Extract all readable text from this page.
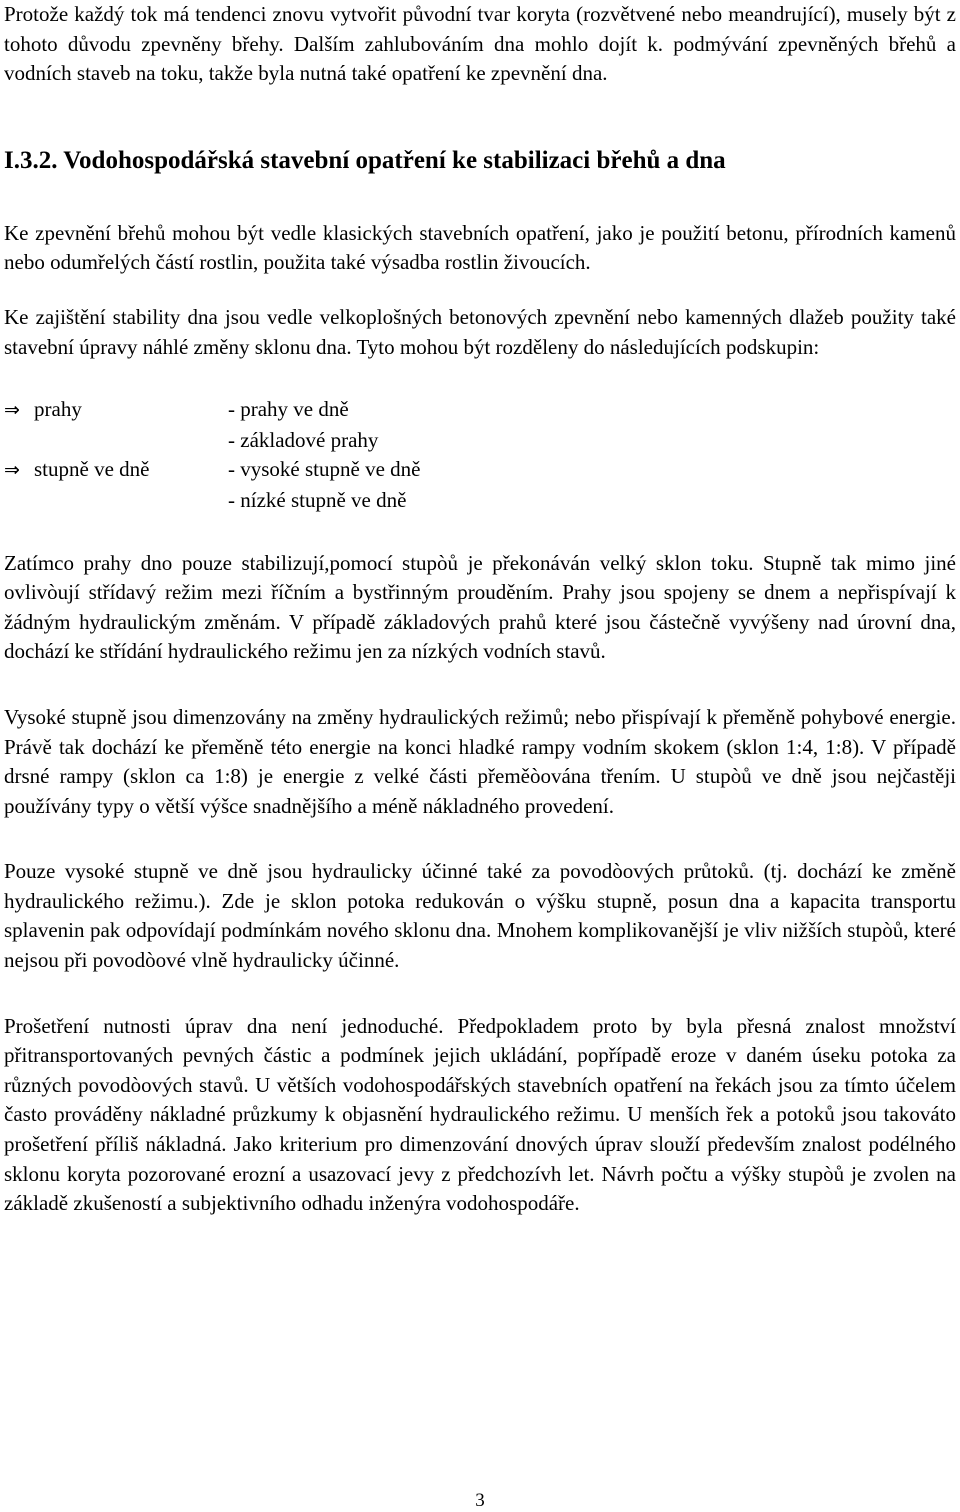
Protože každý tok má tendenci znovu vytvořit původní tvar koryta (rozvětvené nebo meandrující), musely být z tohoto důvodu zpevněny břehy. Dalším zahlubováním dna mohlo dojít k. podmývání zpevněných břehů a vodních staveb na toku, takže byla nutná také opatření ke zpevnění dna.

I.3.2. Vodohospodářská stavební opatření ke stabilizaci břehů a dna

Ke zpevnění břehů mohou být vedle klasických stavebních opatření, jako je použití betonu, přírodních kamenů nebo odumřelých částí rostlin, použita také výsadba rostlin živoucích.

Ke zajištění stability dna jsou vedle velkoplošných betonových zpevnění nebo kamenných dlažeb použity také stavební úpravy náhlé změny sklonu dna. Tyto mohou být rozděleny do následujících podskupin:

⇒ prahy	- prahy ve dně
- základové prahy
⇒ stupně ve dně	- vysoké stupně ve dně
- nízké stupně ve dně

Zatímco prahy dno pouze stabilizují,pomocí stupòů je překonáván velký sklon toku. Stupně tak mimo jiné ovlivòují střídavý režim mezi říčním a bystřinným prouděním. Prahy jsou spojeny se dnem a nepřispívají k žádným hydraulickým změnám. V případě základových prahů které jsou částečně vyvýšeny nad úrovní dna, dochází ke střídání hydraulického režimu jen za nízkých vodních stavů.

Vysoké stupně jsou dimenzovány na změny hydraulických režimů; nebo přispívají k přeměně pohybové energie. Právě tak dochází ke přeměně této energie na konci hladké rampy vodním skokem (sklon 1:4, 1:8). V případě drsné rampy (sklon ca 1:8) je energie z velké části přeměòována třením. U stupòů ve dně jsou nejčastěji používány typy o větší výšce snadnějšího a méně nákladného provedení.

Pouze vysoké stupně ve dně jsou hydraulicky účinné také za povodòových průtoků. (tj. dochází ke změně hydraulického režimu.). Zde je sklon potoka redukován o výšku stupně, posun dna a kapacita transportu splavenin pak odpovídají podmínkám nového sklonu dna. Mnohem komplikovanější je vliv nižších stupòů, které nejsou při povodòové vlně hydraulicky účinné.

Prošetření nutnosti úprav dna není jednoduché. Předpokladem proto by byla přesná znalost množství přitransportovaných pevných částic a podmínek jejich ukládání, popřípadě eroze v daném úseku potoka za různých povodòových stavů. U větších vodohospodářských stavebních opatření na řekách jsou za tímto účelem často prováděny nákladné průzkumy k objasnění hydraulického režimu. U menších řek a potoků jsou takováto prošetření příliš nákladná. Jako kriterium pro dimenzování dnových úprav slouží především znalost podélného sklonu koryta pozorované erozní a usazovací jevy z předchozívh let. Návrh počtu a výšky stupòů je zvolen na základě zkušeností a subjektivního odhadu inženýra vodohospodáře.

3
